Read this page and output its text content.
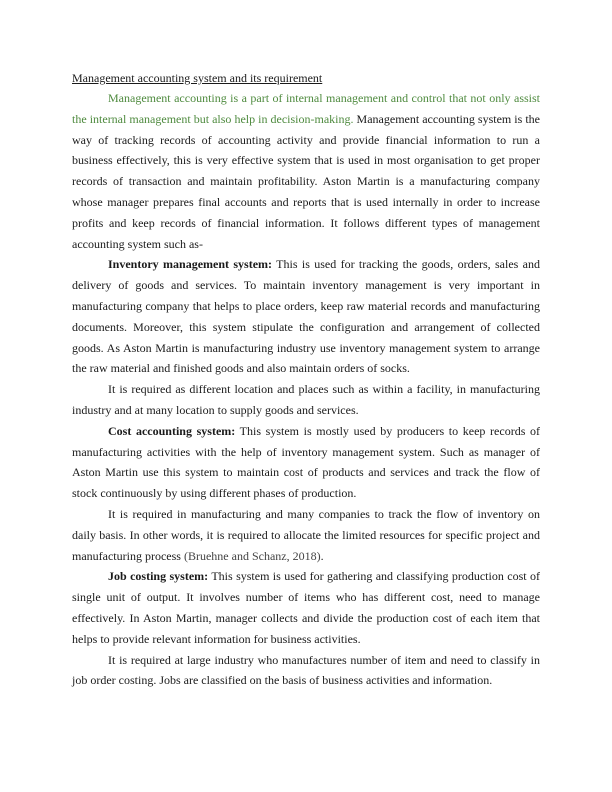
Management accounting system and its requirement

Management accounting is a part of internal management and control that not only assist the internal management but also help in decision-making. Management accounting system is the way of tracking records of accounting activity and provide financial information to run a business effectively, this is very effective system that is used in most organisation to get proper records of transaction and maintain profitability. Aston Martin is a manufacturing company whose manager prepares final accounts and reports that is used internally in order to increase profits and keep records of financial information. It follows different types of management accounting system such as-

Inventory management system: This is used for tracking the goods, orders, sales and delivery of goods and services. To maintain inventory management is very important in manufacturing company that helps to place orders, keep raw material records and manufacturing documents. Moreover, this system stipulate the configuration and arrangement of collected goods. As Aston Martin is manufacturing industry use inventory management system to arrange the raw material and finished goods and also maintain orders of socks.

It is required as different location and places such as within a facility, in manufacturing industry and at many location to supply goods and services.

Cost accounting system: This system is mostly used by producers to keep records of manufacturing activities with the help of inventory management system. Such as manager of Aston Martin use this system to maintain cost of products and services and track the flow of stock continuously by using different phases of production.

It is required in manufacturing and many companies to track the flow of inventory on daily basis. In other words, it is required to allocate the limited resources for specific project and manufacturing process (Bruehne and Schanz, 2018).

Job costing system: This system is used for gathering and classifying production cost of single unit of output. It involves number of items who has different cost, need to manage effectively. In Aston Martin, manager collects and divide the production cost of each item that helps to provide relevant information for business activities.

It is required at large industry who manufactures number of item and need to classify in job order costing. Jobs are classified on the basis of business activities and information.
